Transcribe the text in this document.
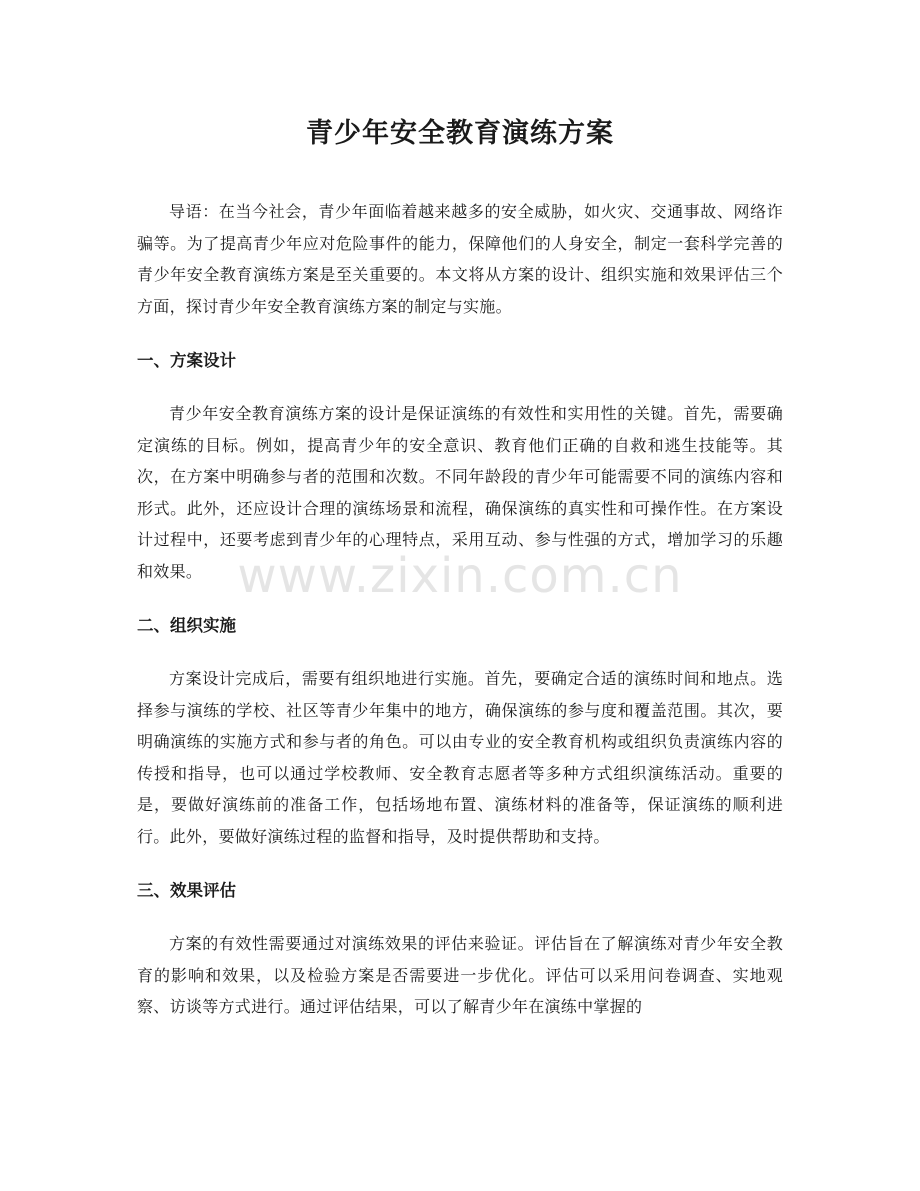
青少年安全教育演练方案

导语：在当今社会，青少年面临着越来越多的安全威胁，如火灾、交通事故、网络诈骗等。为了提高青少年应对危险事件的能力，保障他们的人身安全，制定一套科学完善的青少年安全教育演练方案是至关重要的。本文将从方案的设计、组织实施和效果评估三个方面，探讨青少年安全教育演练方案的制定与实施。

一、方案设计

青少年安全教育演练方案的设计是保证演练的有效性和实用性的关键。首先，需要确定演练的目标。例如，提高青少年的安全意识、教育他们正确的自救和逃生技能等。其次，在方案中明确参与者的范围和次数。不同年龄段的青少年可能需要不同的演练内容和形式。此外，还应设计合理的演练场景和流程，确保演练的真实性和可操作性。在方案设计过程中，还要考虑到青少年的心理特点，采用互动、参与性强的方式，增加学习的乐趣和效果。

二、组织实施

方案设计完成后，需要有组织地进行实施。首先，要确定合适的演练时间和地点。选择参与演练的学校、社区等青少年集中的地方，确保演练的参与度和覆盖范围。其次，要明确演练的实施方式和参与者的角色。可以由专业的安全教育机构或组织负责演练内容的传授和指导，也可以通过学校教师、安全教育志愿者等多种方式组织演练活动。重要的是，要做好演练前的准备工作，包括场地布置、演练材料的准备等，保证演练的顺利进行。此外，要做好演练过程的监督和指导，及时提供帮助和支持。

三、效果评估

方案的有效性需要通过对演练效果的评估来验证。评估旨在了解演练对青少年安全教育的影响和效果，以及检验方案是否需要进一步优化。评估可以采用问卷调查、实地观察、访谈等方式进行。通过评估结果，可以了解青少年在演练中掌握的

www.zixin.com.cn
